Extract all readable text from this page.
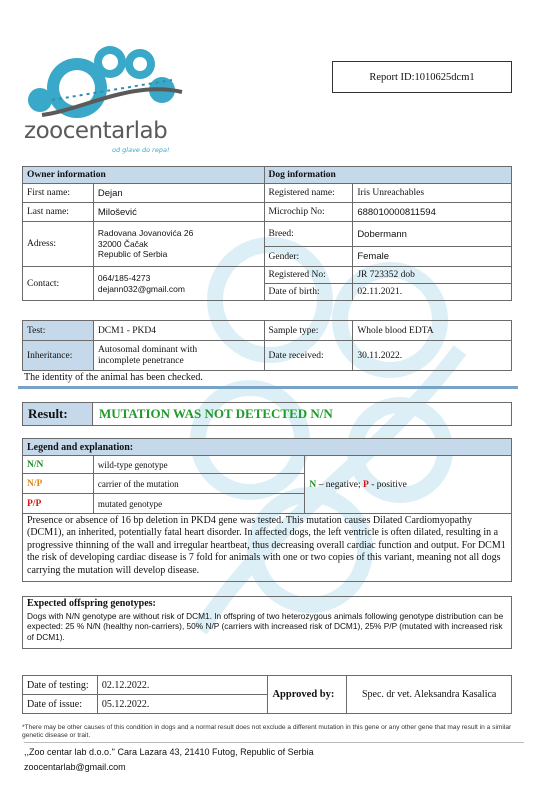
zoocentarlab
od glave do repa!
Report ID:1010625dcm1
Owner information		Dog information	
First name:	Dejan	Registered name:	Iris Unreachables
Last name:	Milošević	Microchip No:	688010000811594
Adress:	Radovana Jovanovića 26
32000 Čačak
Republic of Serbia	Breed:	Dobermann
		Gender:	Female
Contact:	064/185-4273
dejann032@gmail.com	Registered No:	JR 723352 dob
		Date of birth:	02.11.2021.
Test:	DCM1 - PKD4	Sample type:	Whole blood EDTA
Inheritance:	Autosomal dominant with
incomplete penetrance	Date received:	30.11.2022.
The identity of the animal has been checked.
Result:	MUTATION WAS NOT DETECTED N/N
Legend and explanation:		
N/N	wild-type genotype	N – negative; P - positive
N/P	carrier of the mutation	
P/P	mutated genotype	
Presence or absence of 16 bp deletion in PKD4 gene was tested. This mutation causes Dilated Cardiomyopathy (DCM1), an inherited, potentially fatal heart disorder. In affected dogs, the left ventricle is often dilated, resulting in a progressive thinning of the wall and irregular heartbeat, thus decreasing overall cardiac function and output. For DCM1 the risk of developing cardiac disease is 7 fold for animals with one or two copies of this variant, meaning not all dogs carrying the mutation will develop disease.
Expected offspring genotypes:
Dogs with N/N genotype are without risk of DCM1. In offspring of two heterozygous animals following genotype distribution can be expected: 25 % N/N (healthy non-carriers), 50% N/P (carriers with increased risk of DCM1), 25% P/P (mutated with increased risk of DCM1).
Date of testing:	02.12.2022.	Approved by:	Spec. dr vet. Aleksandra Kasalica
Date of issue:	05.12.2022.		
*There may be other causes of this condition in dogs and a normal result does not exclude a different mutation in this gene or any other gene that may result in a similar genetic disease or trait.
,,Zoo centar lab d.o.o.'' Cara Lazara 43, 21410 Futog, Republic of Serbia
zoocentarlab@gmail.com
